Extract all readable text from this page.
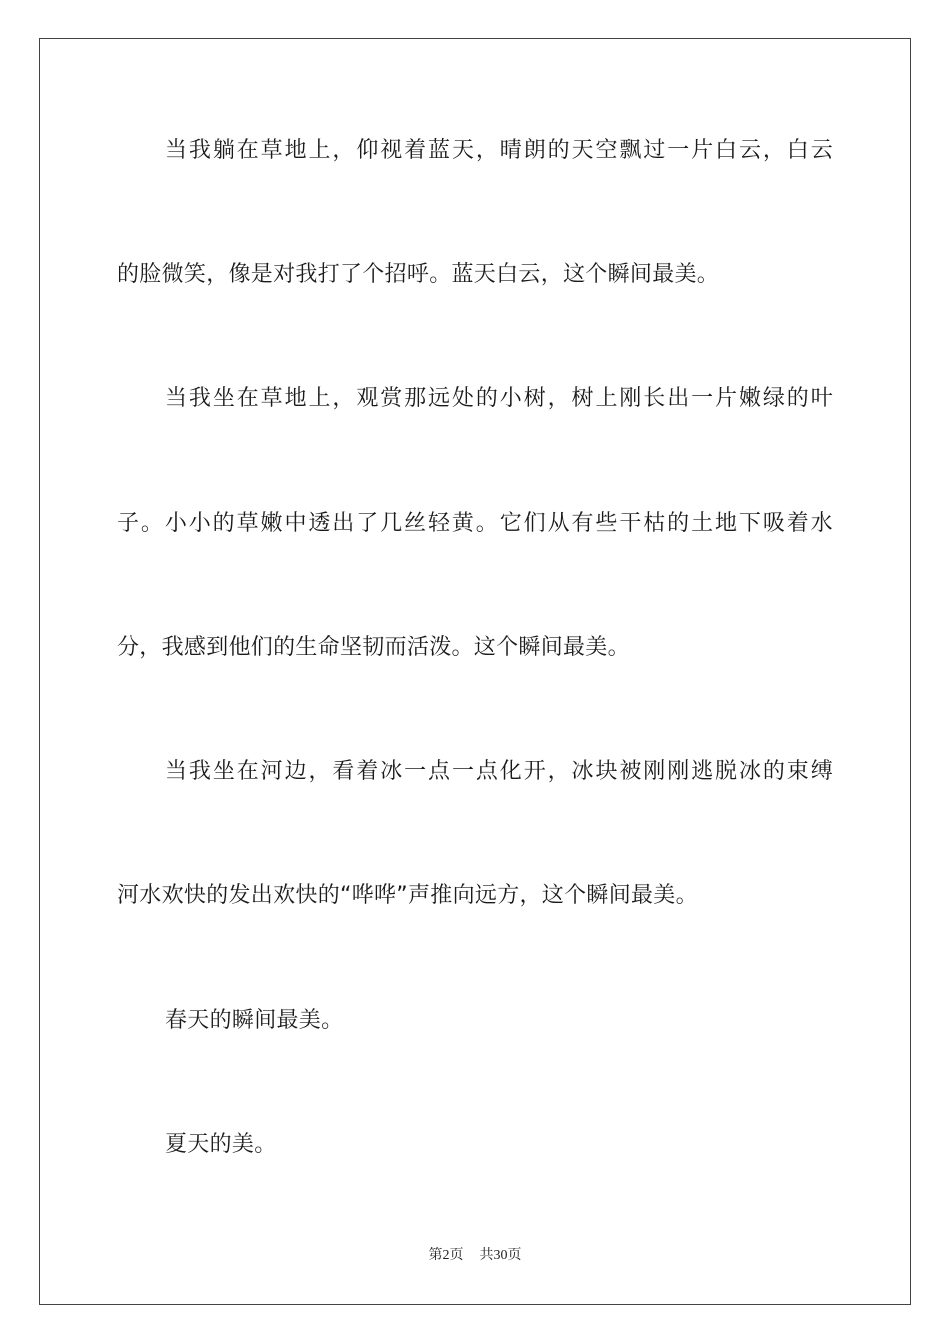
当我躺在草地上，仰视着蓝天，晴朗的天空飘过一片白云，白云
的脸微笑，像是对我打了个招呼。蓝天白云，这个瞬间最美。
当我坐在草地上，观赏那远处的小树，树上刚长出一片嫩绿的叶
子。小小的草嫩中透出了几丝轻黄。它们从有些干枯的土地下吸着水
分，我感到他们的生命坚韧而活泼。这个瞬间最美。
当我坐在河边，看着冰一点一点化开，冰块被刚刚逃脱冰的束缚
河水欢快的发出欢快的“哗哗”声推向远方，这个瞬间最美。
春天的瞬间最美。
夏天的美。
第2页 共30页
